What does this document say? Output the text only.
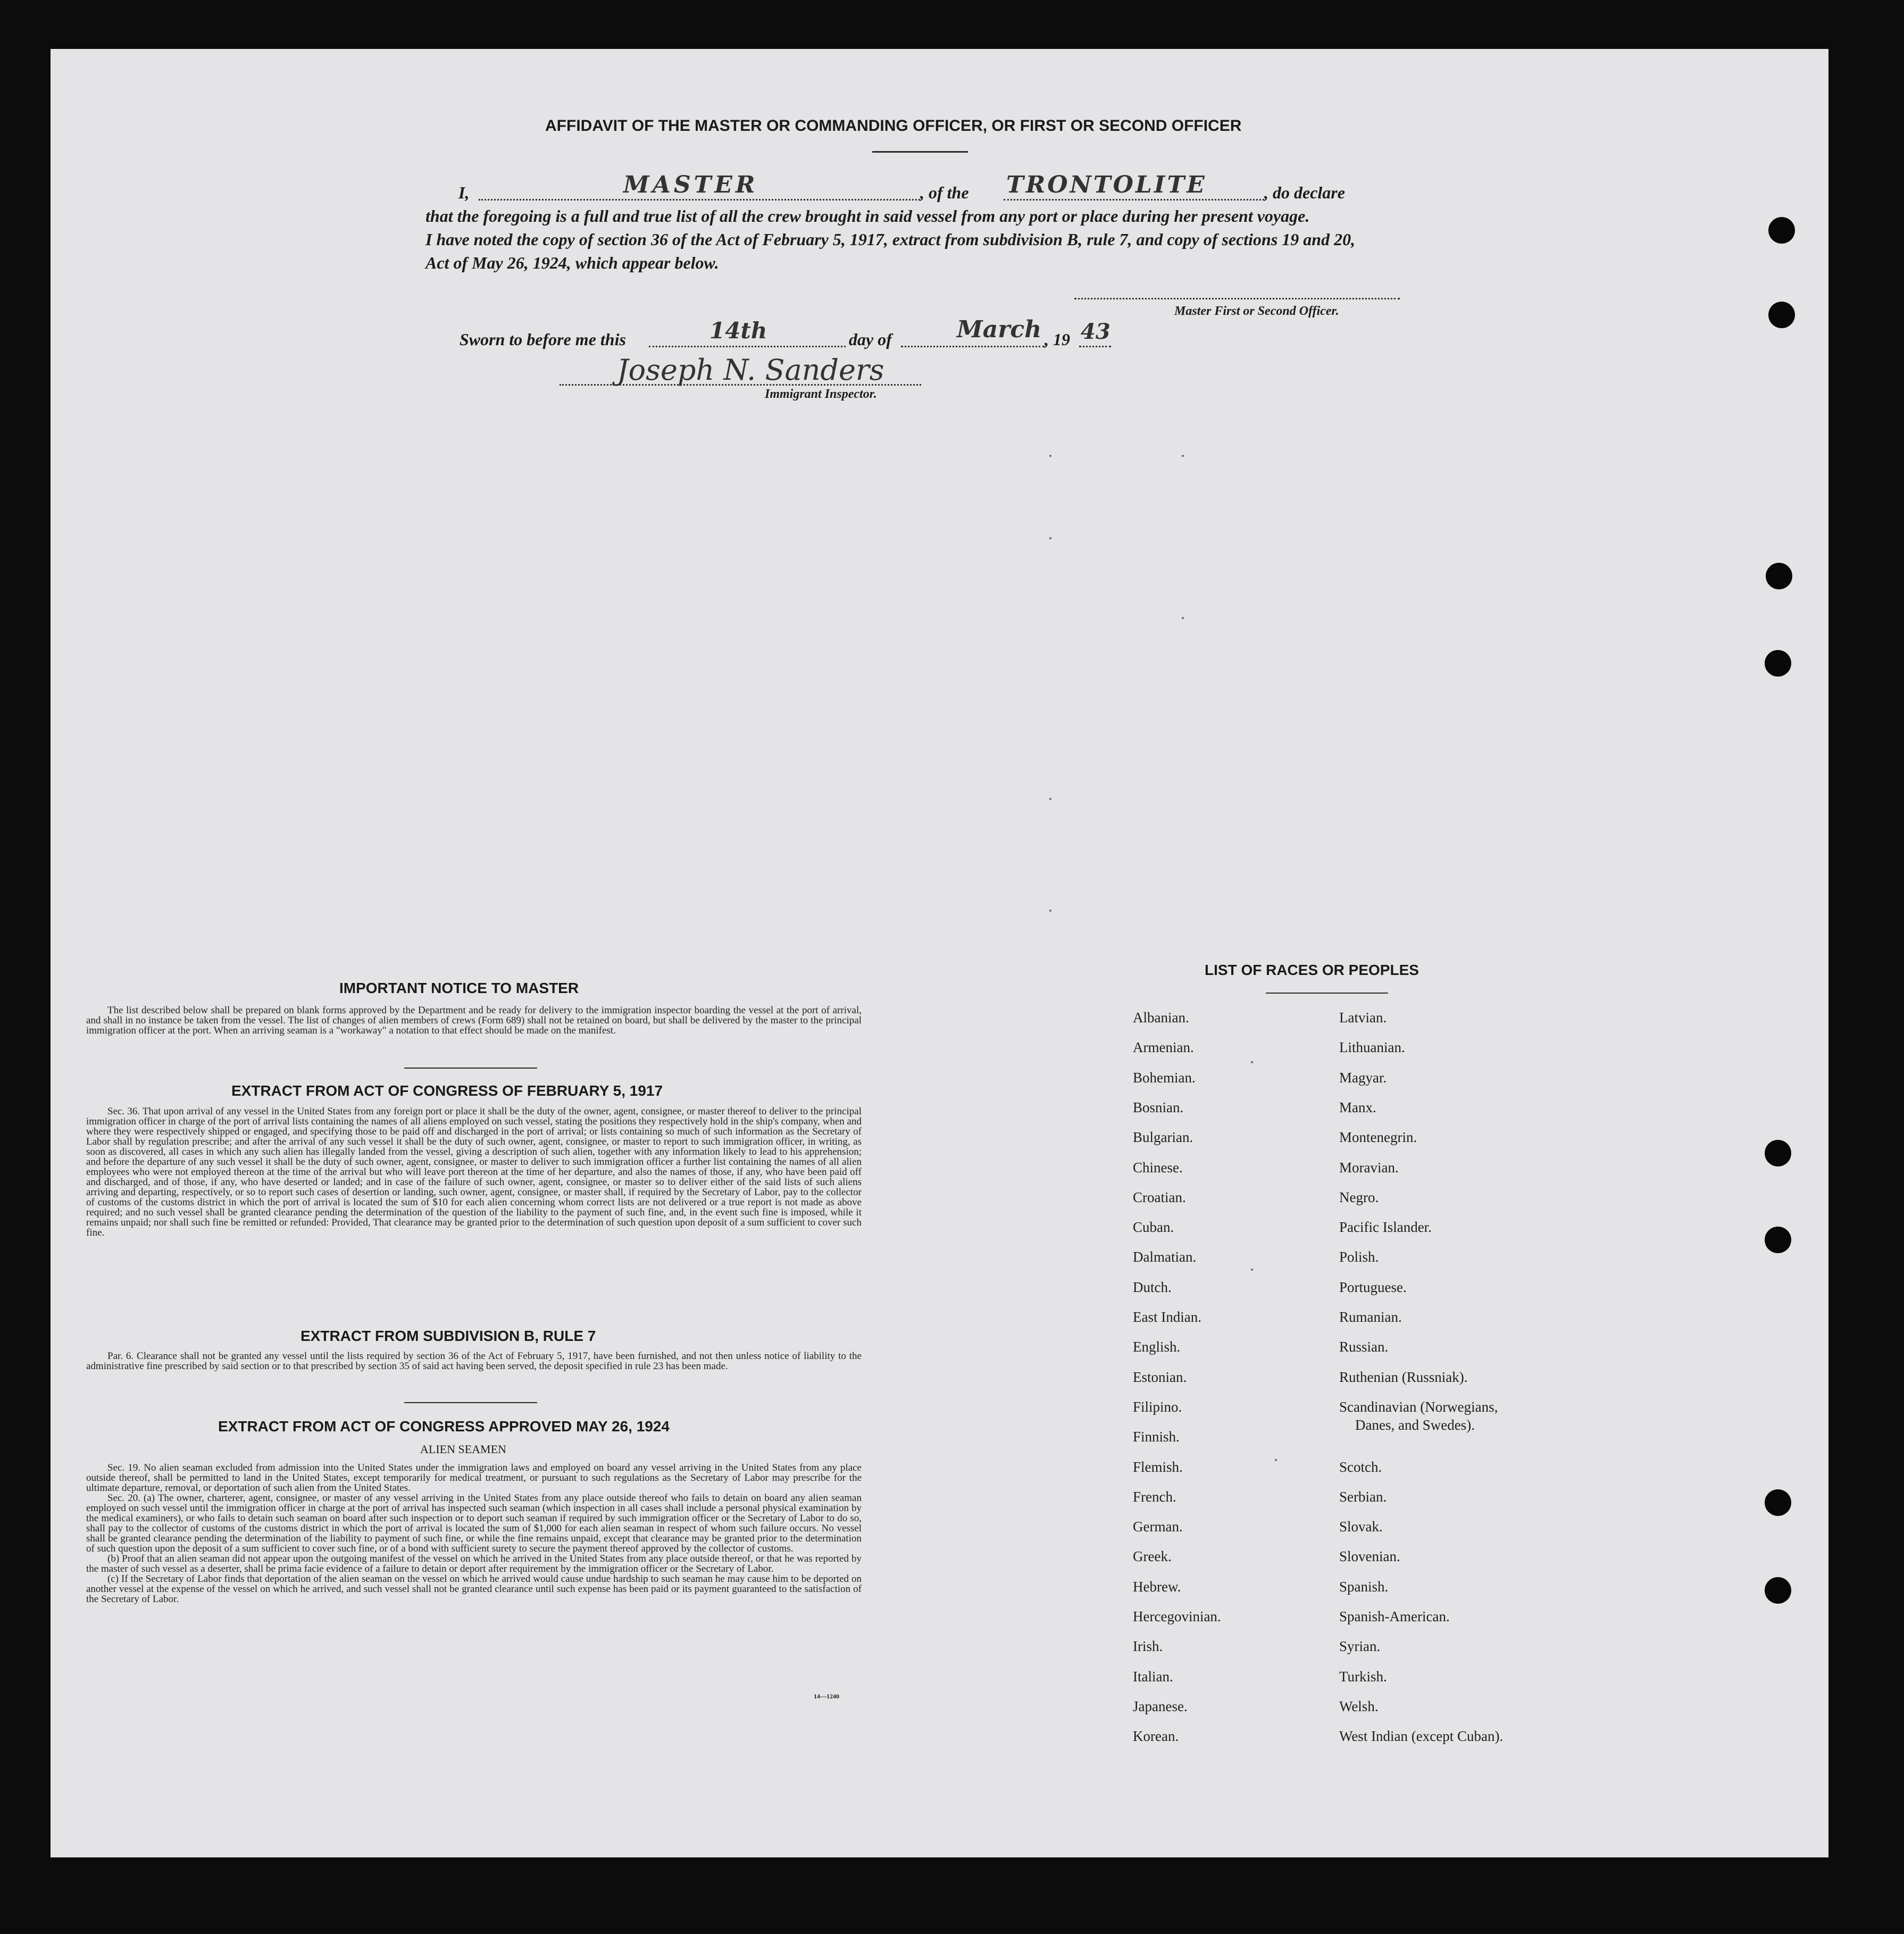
AFFIDAVIT OF THE MASTER OR COMMANDING OFFICER, OR FIRST OR SECOND OFFICER
I,	MASTER	, of the TRONTOLITE	, do declare
that the foregoing is a full and true list of all the crew brought in said vessel from any port or place during her present voyage.
I have noted the copy of section 36 of the Act of February 5, 1917, extract from subdivision B, rule 7, and copy of sections 19 and 20,
Act of May 26, 1924, which appear below.
Master First or Second Officer.
Sworn to before me this	14th	day of	March , 19 43
Joseph N. Sanders
Immigrant Inspector.
IMPORTANT NOTICE TO MASTER

The list described below shall be prepared on blank forms approved by the Department and be ready for delivery to the immigration inspector boarding the vessel at the port of arrival, and shall in no instance be taken from the vessel. The list of changes of alien members of crews (Form 689) shall not be retained on board, but shall be delivered by the master to the principal immigration officer at the port. When an arriving seaman is a "workaway" a notation to that effect should be made on the manifest.

EXTRACT FROM ACT OF CONGRESS OF FEBRUARY 5, 1917

Sec. 36. That upon arrival of any vessel in the United States from any foreign port or place it shall be the duty of the owner, agent, consignee, or master thereof to deliver to the principal immigration officer in charge of the port of arrival lists containing the names of all aliens employed on such vessel, stating the positions they respectively hold in the ship's company, when and where they were respectively shipped or engaged, and specifying those to be paid off and discharged in the port of arrival; or lists containing so much of such information as the Secretary of Labor shall by regulation prescribe; and after the arrival of any such vessel it shall be the duty of such owner, agent, consignee, or master to report to such immigration officer, in writing, as soon as discovered, all cases in which any such alien has illegally landed from the vessel, giving a description of such alien, together with any information likely to lead to his apprehension; and before the departure of any such vessel it shall be the duty of such owner, agent, consignee, or master to deliver to such immigration officer a further list containing the names of all alien employees who were not employed thereon at the time of the arrival but who will leave port thereon at the time of her departure, and also the names of those, if any, who have been paid off and discharged, and of those, if any, who have deserted or landed; and in case of the failure of such owner, agent, consignee, or master so to deliver either of the said lists of such aliens arriving and departing, respectively, or so to report such cases of desertion or landing, such owner, agent, consignee, or master shall, if required by the Secretary of Labor, pay to the collector of customs of the customs district in which the port of arrival is located the sum of $10 for each alien concerning whom correct lists are not delivered or a true report is not made as above required; and no such vessel shall be granted clearance pending the determination of the question of the liability to the payment of such fine, and, in the event such fine is imposed, while it remains unpaid; nor shall such fine be remitted or refunded: Provided, That clearance may be granted prior to the determination of such question upon deposit of a sum sufficient to cover such fine.

EXTRACT FROM SUBDIVISION B, RULE 7

Par. 6. Clearance shall not be granted any vessel until the lists required by section 36 of the Act of February 5, 1917, have been furnished, and not then unless notice of liability to the administrative fine prescribed by said section or to that prescribed by section 35 of said act having been served, the deposit specified in rule 23 has been made.

EXTRACT FROM ACT OF CONGRESS APPROVED MAY 26, 1924
ALIEN SEAMEN

Sec. 19. No alien seaman excluded from admission into the United States under the immigration laws and employed on board any vessel arriving in the United States from any place outside thereof, shall be permitted to land in the United States, except temporarily for medical treatment, or pursuant to such regulations as the Secretary of Labor may prescribe for the ultimate departure, removal, or deportation of such alien from the United States.

Sec. 20. (a) The owner, charterer, agent, consignee, or master of any vessel arriving in the United States from any place outside thereof who fails to detain on board any alien seaman employed on such vessel until the immigration officer in charge at the port of arrival has inspected such seaman (which inspection in all cases shall include a personal physical examination by the medical examiners), or who fails to detain such seaman on board after such inspection or to deport such seaman if required by such immigration officer or the Secretary of Labor to do so, shall pay to the collector of customs of the customs district in which the port of arrival is located the sum of $1,000 for each alien seaman in respect of whom such failure occurs. No vessel shall be granted clearance pending the determination of the liability to payment of such fine, or while the fine remains unpaid, except that clearance may be granted prior to the determination of such question upon the deposit of a sum sufficient to cover such fine, or of a bond with sufficient surety to secure the payment thereof approved by the collector of customs.

(b) Proof that an alien seaman did not appear upon the outgoing manifest of the vessel on which he arrived in the United States from any place outside thereof, or that he was reported by the master of such vessel as a deserter, shall be prima facie evidence of a failure to detain or deport after requirement by the immigration officer or the Secretary of Labor.

(c) If the Secretary of Labor finds that deportation of the alien seaman on the vessel on which he arrived would cause undue hardship to such seaman he may cause him to be deported on another vessel at the expense of the vessel on which he arrived, and such vessel shall not be granted clearance until such expense has been paid or its payment guaranteed to the satisfaction of the Secretary of Labor.

14—1240
LIST OF RACES OR PEOPLES
Albanian.
Armenian.
Bohemian.
Bosnian.
Bulgarian.
Chinese.
Croatian.
Cuban.
Dalmatian.
Dutch.
East Indian.
English.
Estonian.
Filipino.
Finnish.
Flemish.
French.
German.
Greek.
Hebrew.
Hercegovinian.
Irish.
Italian.
Japanese.
Korean.
Latvian.
Lithuanian.
Magyar.
Manx.
Montenegrin.
Moravian.
Negro.
Pacific Islander.
Polish.
Portuguese.
Rumanian.
Russian.
Ruthenian (Russniak).
Scandinavian (Norwegians,
Scotch.
Serbian.
Slovak.
Slovenian.
Spanish.
Spanish-American.
Syrian.
Turkish.
Welsh.
West Indian (except Cuban).
Danes, and Swedes).
